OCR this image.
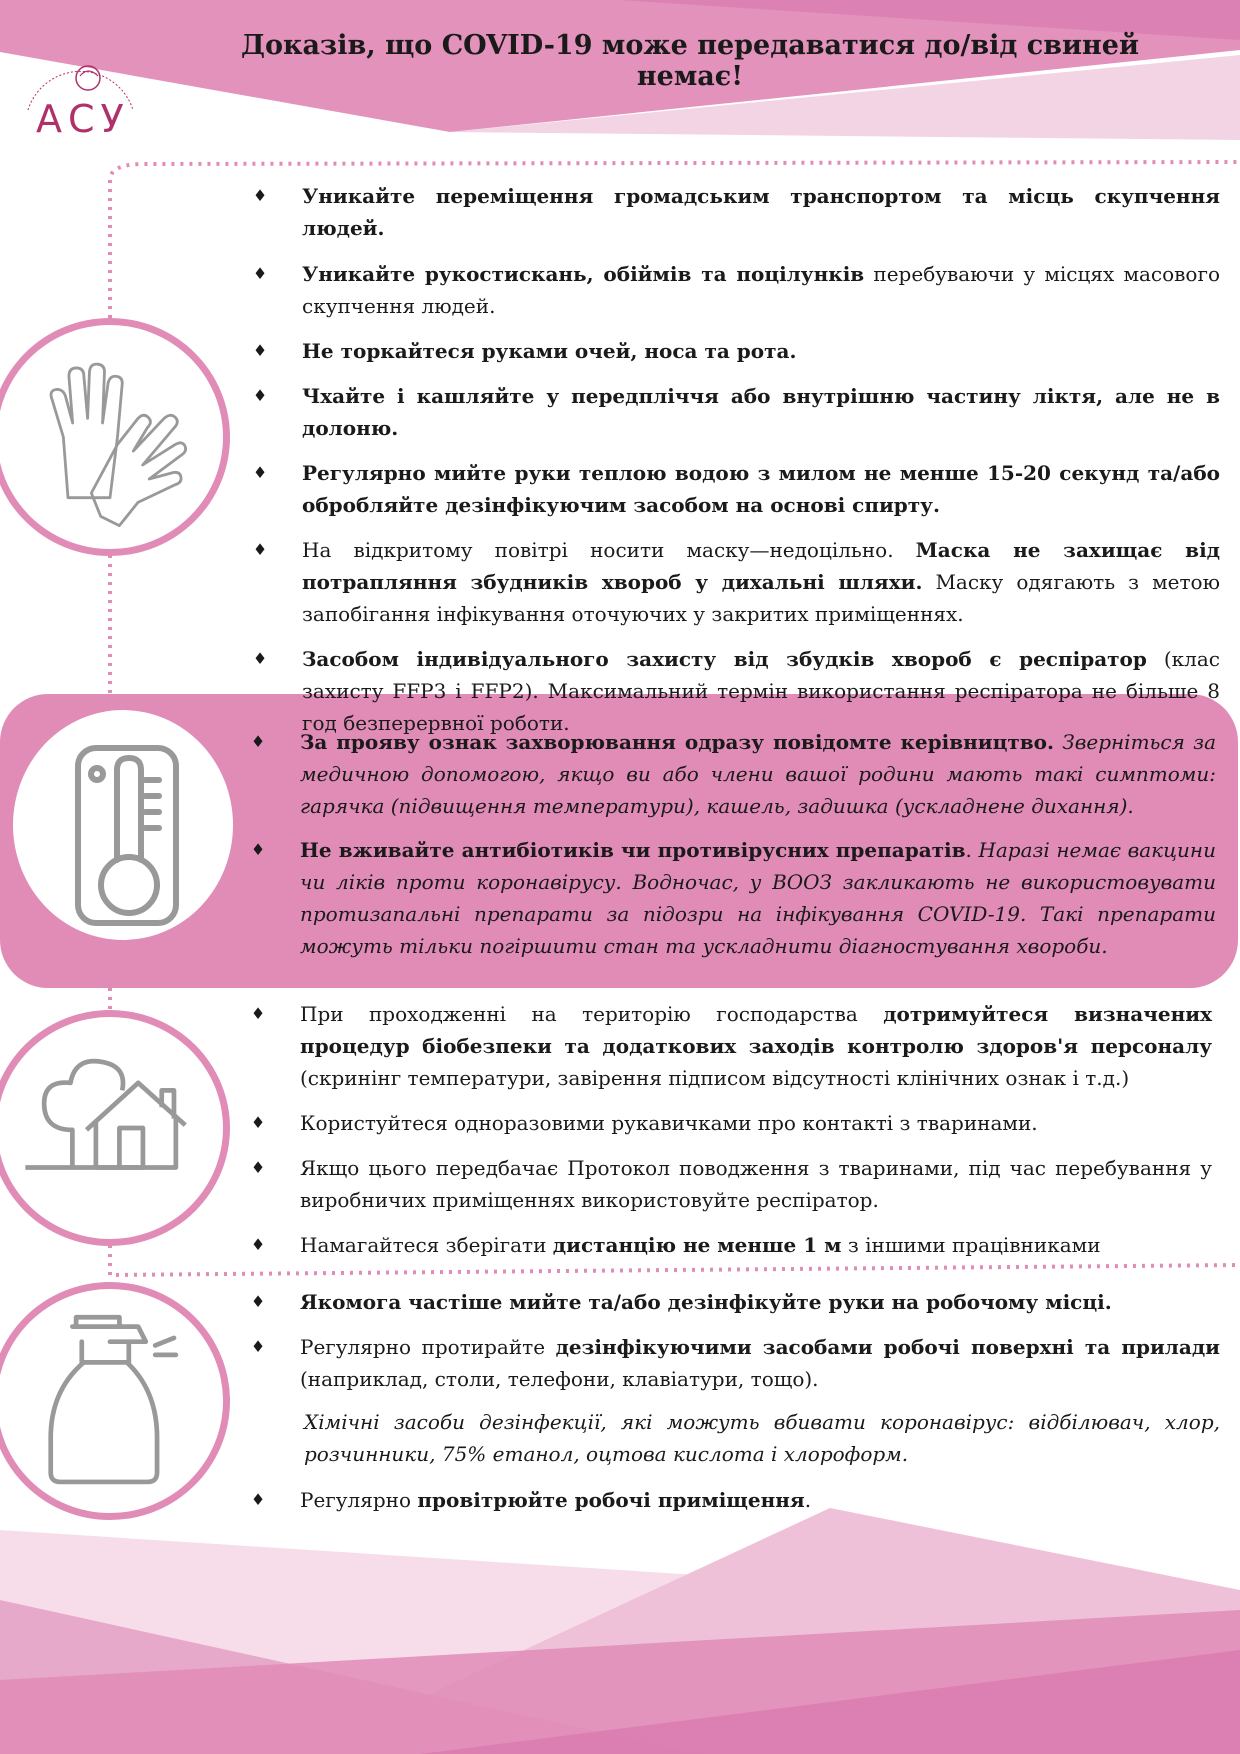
АСУ
Доказів, що COVID-19 може передаватися до/від свиней немає!
♦ Уникайте переміщення громадським транспортом та місць скупчення людей.
♦ Уникайте рукостискань, обіймів та поцілунків перебуваючи у місцях масового скупчення людей.
♦ Не торкайтеся руками очей, носа та рота.
♦ Чхайте і кашляйте у передпліччя або внутрішню частину ліктя, але не в долоню.
♦ Регулярно мийте руки теплою водою з милом не менше 15-20 секунд та/або обробляйте дезінфікуючим засобом на основі спирту.
♦ На відкритому повітрі носити маску—недоцільно. Маска не захищає від потрапляння збудників хвороб у дихальні шляхи. Маску одягають з метою запобігання інфікування оточуючих у закритих приміщеннях.
♦ Засобом індивідуального захисту від збудків хвороб є респіратор (клас захисту FFP3 і FFP2). Максимальний термін використання респіратора не більше 8 год безперервної роботи.
♦ За прояву ознак захворювання одразу повідомте керівництво. Зверніться за медичною допомогою, якщо ви або члени вашої родини мають такі симптоми: гарячка (підвищення температури), кашель, задишка (ускладнене дихання).
♦ Не вживайте антибіотиків чи противірусних препаратів. Наразі немає вакцини чи ліків проти коронавірусу. Водночас, у ВООЗ закликають не використовувати протизапальні препарати за підозри на інфікування COVID-19. Такі препарати можуть тільки погіршити стан та ускладнити діагностування хвороби.
♦ При проходженні на територію господарства дотримуйтеся визначених процедур біобезпеки та додаткових заходів контролю здоров'я персоналу (скринінг температури, завірення підписом відсутності клінічних ознак і т.д.)
♦ Користуйтеся одноразовими рукавичками про контакті з тваринами.
♦ Якщо цього передбачає Протокол поводження з тваринами, під час перебування у виробничих приміщеннях використовуйте респіратор.
♦ Намагайтеся зберігати дистанцію не менше 1 м з іншими працівниками
♦ Якомога частіше мийте та/або дезінфікуйте руки на робочому місці.
♦ Регулярно протирайте дезінфікуючими засобами робочі поверхні та прилади (наприклад, столи, телефони, клавіатури, тощо).

Хімічні засоби дезінфекції, які можуть вбивати коронавірус: відбілювач, хлор, розчинники, 75% етанол, оцтова кислота і хлороформ.

♦ Регулярно провітрюйте робочі приміщення.
